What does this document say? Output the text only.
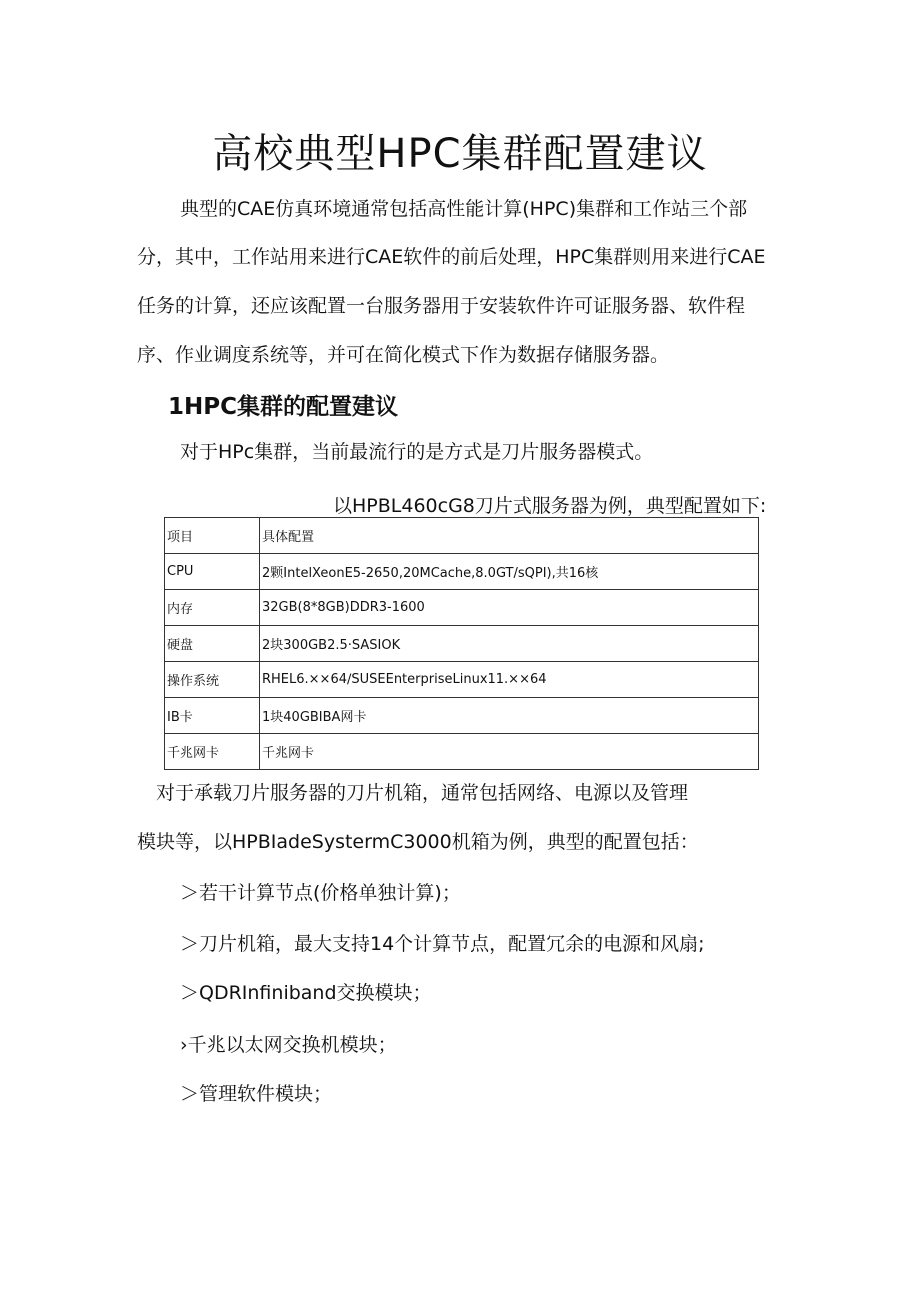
高校典型HPC集群配置建议
典型的CAE仿真环境通常包括高性能计算(HPC)集群和工作站三个部
分，其中，工作站用来进行CAE软件的前后处理，HPC集群则用来进行CAE
任务的计算，还应该配置一台服务器用于安装软件许可证服务器、软件程
序、作业调度系统等，并可在简化模式下作为数据存储服务器。
1HPC集群的配置建议
对于HPc集群，当前最流行的是方式是刀片服务器模式。
以HPBL460cG8刀片式服务器为例，典型配置如下:
项目	具体配置
CPU	2颗IntelXeonE5-2650,20MCache,8.0GT/sQPI),共16核
内存	32GB(8*8GB)DDR3-1600
硬盘	2块300GB2.5·SASIOK
操作系统	RHEL6.××64∕SUSEEnterpriseLinux11.××64
IB卡	1块40GBIBA网卡
千兆网卡	千兆网卡
对于承载刀片服务器的刀片机箱，通常包括网络、电源以及管理
模块等，以HPBIadeSystermC3000机箱为例，典型的配置包括：
＞若干计算节点(价格单独计算)；
＞刀片机箱，最大支持14个计算节点，配置冗余的电源和风扇;
＞QDRInfiniband交换模块；
›千兆以太网交换机模块；
＞管理软件模块；
